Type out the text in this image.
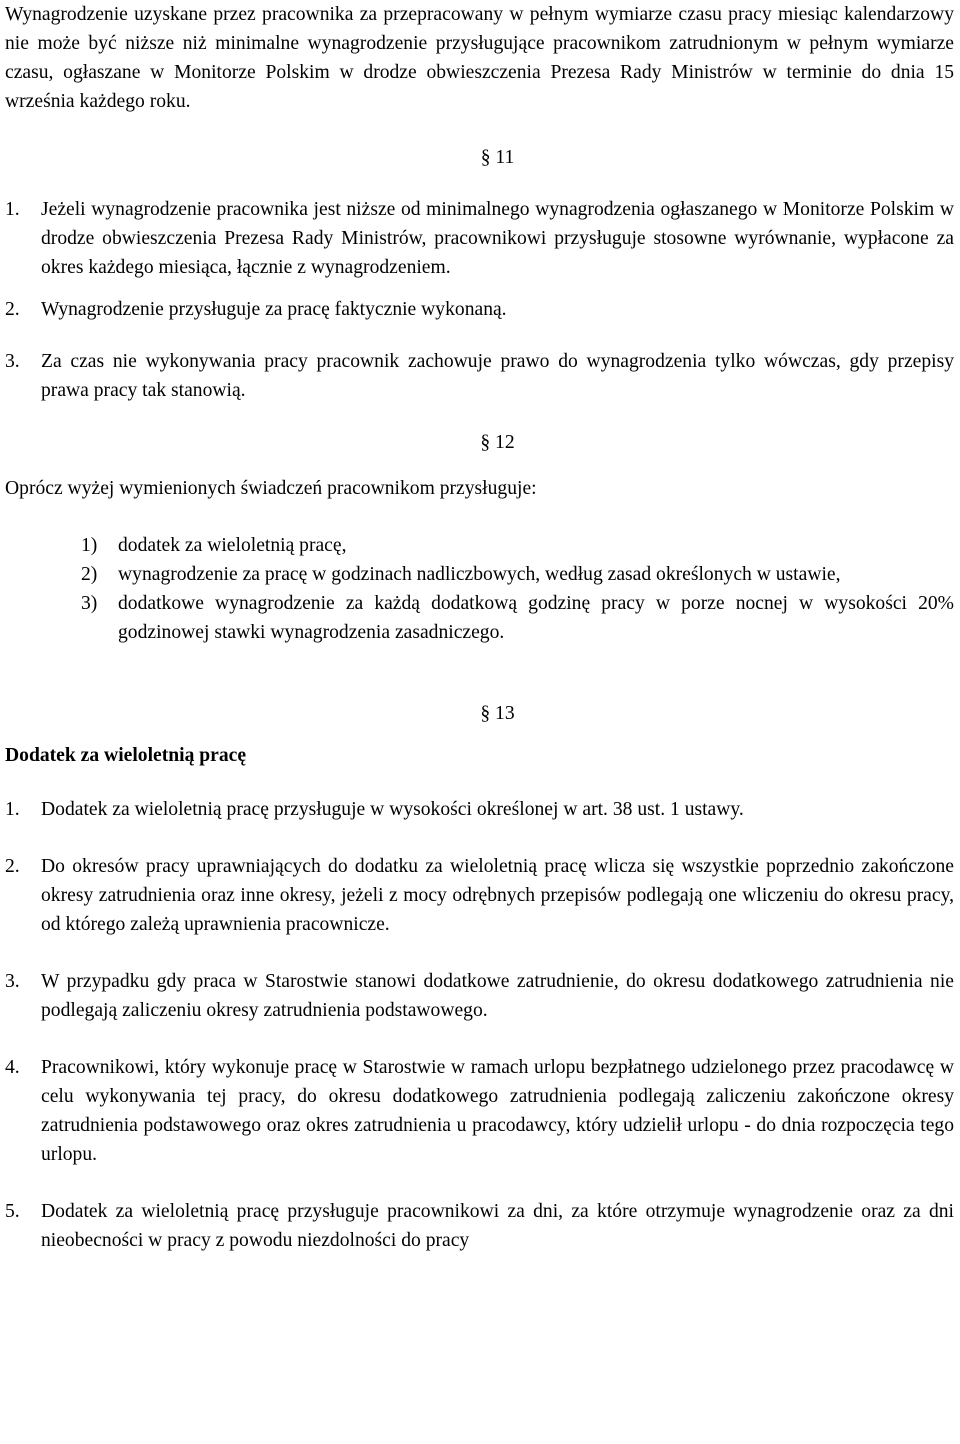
Wynagrodzenie uzyskane przez pracownika za przepracowany w pełnym wymiarze czasu pracy miesiąc kalendarzowy nie może być niższe niż minimalne wynagrodzenie przysługujące pracownikom zatrudnionym w pełnym wymiarze czasu, ogłaszane w Monitorze Polskim w drodze obwieszczenia Prezesa Rady Ministrów w terminie do dnia 15 września każdego roku.

§ 11

1.	Jeżeli wynagrodzenie pracownika jest niższe od minimalnego wynagrodzenia ogłaszanego w Monitorze Polskim w drodze obwieszczenia Prezesa Rady Ministrów, pracownikowi przysługuje stosowne wyrównanie, wypłacone za okres każdego miesiąca, łącznie z wynagrodzeniem.
2.	Wynagrodzenie przysługuje za pracę faktycznie wykonaną.
3.	Za czas nie wykonywania pracy pracownik zachowuje prawo do wynagrodzenia tylko wówczas, gdy przepisy prawa pracy tak stanowią.

§ 12

Oprócz wyżej wymienionych świadczeń pracownikom przysługuje:

1)	dodatek za wieloletnią pracę,
2)	wynagrodzenie za pracę w godzinach nadliczbowych, według zasad określonych w ustawie,
3)	dodatkowe wynagrodzenie za każdą dodatkową godzinę pracy w porze nocnej w wysokości 20% godzinowej stawki wynagrodzenia zasadniczego.

§ 13

Dodatek za wieloletnią pracę

1.	Dodatek za wieloletnią pracę przysługuje w wysokości określonej w art. 38 ust. 1 ustawy.
2.	Do okresów pracy uprawniających do dodatku za wieloletnią pracę wlicza się wszystkie poprzednio zakończone okresy zatrudnienia oraz inne okresy, jeżeli z mocy odrębnych przepisów podlegają one wliczeniu do okresu pracy, od którego zależą uprawnienia pracownicze.
3.	W przypadku gdy praca w Starostwie stanowi dodatkowe zatrudnienie, do okresu dodatkowego zatrudnienia nie podlegają zaliczeniu okresy zatrudnienia podstawowego.
4.	Pracownikowi, który wykonuje pracę w Starostwie w ramach urlopu bezpłatnego udzielonego przez pracodawcę w celu wykonywania tej pracy, do okresu dodatkowego zatrudnienia podlegają zaliczeniu zakończone okresy zatrudnienia podstawowego oraz okres zatrudnienia u pracodawcy, który udzielił urlopu - do dnia rozpoczęcia tego urlopu.
5.	Dodatek za wieloletnią pracę przysługuje pracownikowi za dni, za które otrzymuje wynagrodzenie oraz za dni nieobecności w pracy z powodu niezdolności do pracy
